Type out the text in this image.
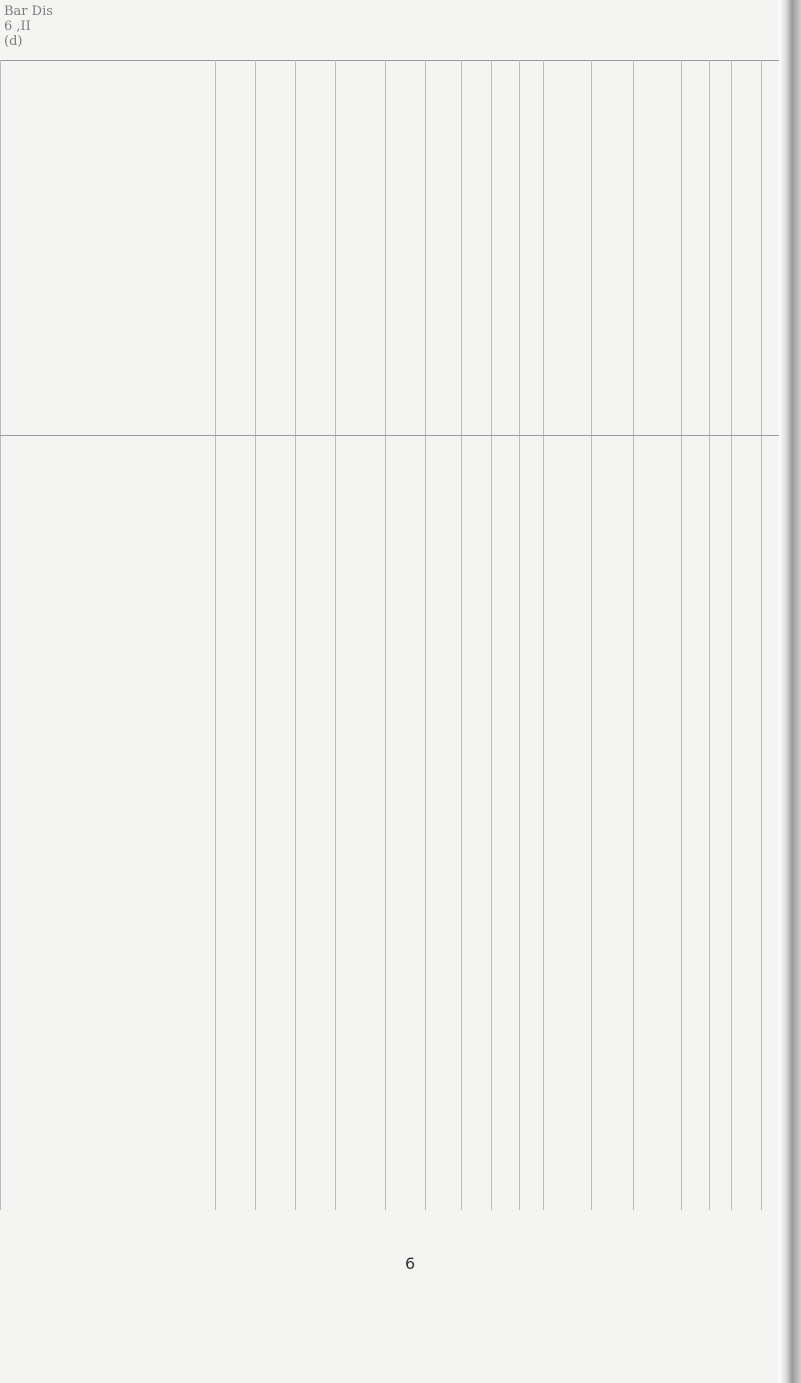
Bar Dis
6 ,II
(d)

6
